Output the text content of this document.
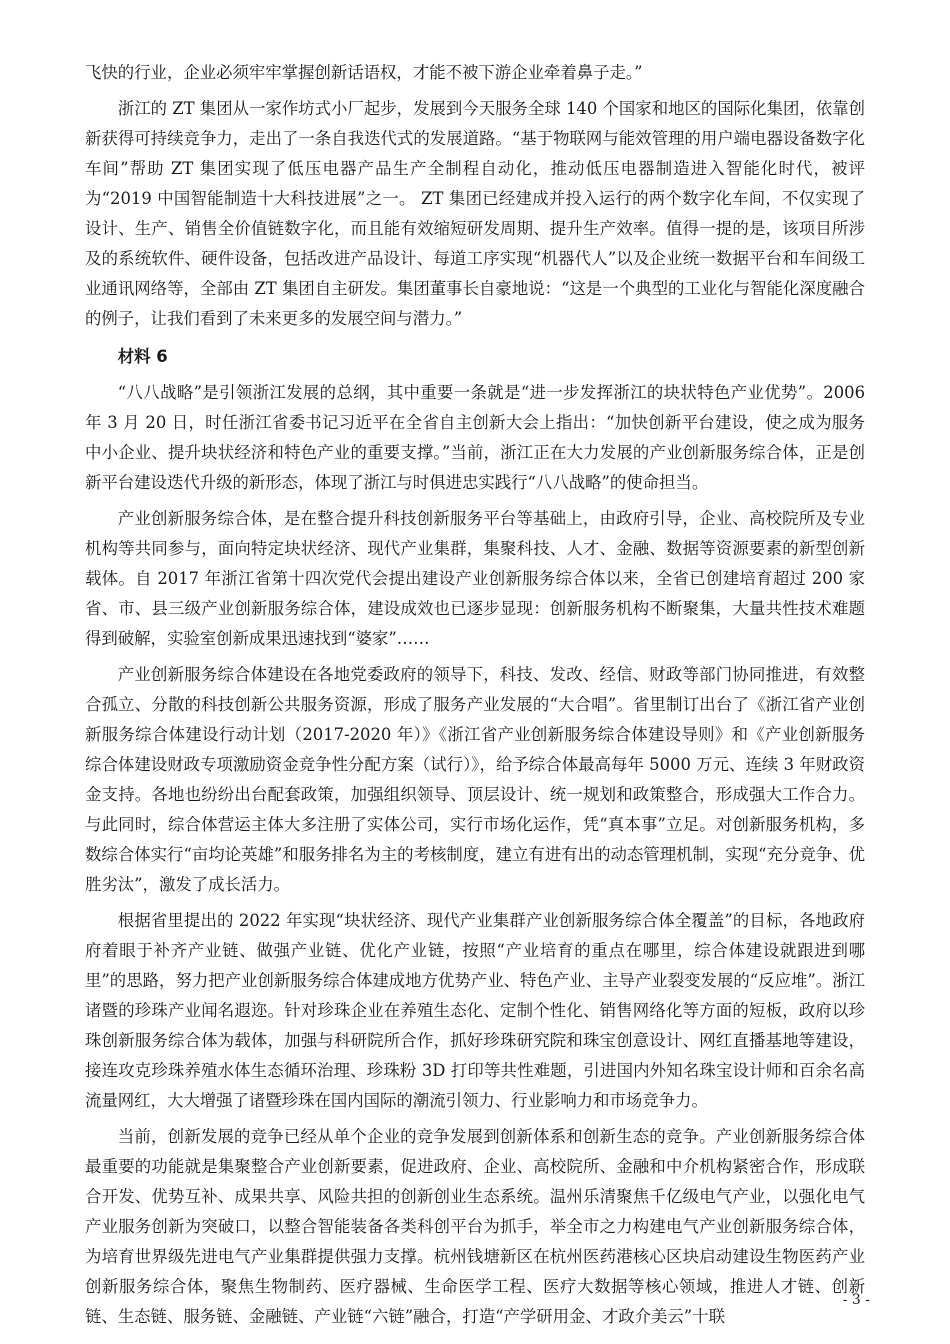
飞快的行业，企业必须牢牢掌握创新话语权，才能不被下游企业牵着鼻子走。”

浙江的 ZT 集团从一家作坊式小厂起步，发展到今天服务全球 140 个国家和地区的国际化集团，依靠创新获得可持续竞争力，走出了一条自我迭代式的发展道路。“基于物联网与能效管理的用户端电器设备数字化车间”帮助 ZT 集团实现了低压电器产品生产全制程自动化，推动低压电器制造进入智能化时代，被评为“2019 中国智能制造十大科技进展”之一。 ZT 集团已经建成并投入运行的两个数字化车间，不仅实现了设计、生产、销售全价值链数字化，而且能有效缩短研发周期、提升生产效率。值得一提的是，该项目所涉及的系统软件、硬件设备，包括改进产品设计、每道工序实现“机器代人”以及企业统一数据平台和车间级工业通讯网络等，全部由 ZT 集团自主研发。集团董事长自豪地说：“这是一个典型的工业化与智能化深度融合的例子，让我们看到了未来更多的发展空间与潜力。”

材料 6

“八八战略”是引领浙江发展的总纲，其中重要一条就是“进一步发挥浙江的块状特色产业优势”。2006 年 3 月 20 日，时任浙江省委书记习近平在全省自主创新大会上指出：“加快创新平台建设，使之成为服务中小企业、提升块状经济和特色产业的重要支撑。”当前，浙江正在大力发展的产业创新服务综合体，正是创新平台建设迭代升级的新形态，体现了浙江与时俱进忠实践行“八八战略”的使命担当。

产业创新服务综合体，是在整合提升科技创新服务平台等基础上，由政府引导，企业、高校院所及专业机构等共同参与，面向特定块状经济、现代产业集群，集聚科技、人才、金融、数据等资源要素的新型创新载体。自 2017 年浙江省第十四次党代会提出建设产业创新服务综合体以来，全省已创建培育超过 200 家省、市、县三级产业创新服务综合体，建设成效也已逐步显现：创新服务机构不断聚集，大量共性技术难题得到破解，实验室创新成果迅速找到“婆家”……

产业创新服务综合体建设在各地党委政府的领导下，科技、发改、经信、财政等部门协同推进，有效整合孤立、分散的科技创新公共服务资源，形成了服务产业发展的“大合唱”。省里制订出台了《浙江省产业创新服务综合体建设行动计划（2017-2020 年）》《浙江省产业创新服务综合体建设导则》和《产业创新服务综合体建设财政专项激励资金竞争性分配方案（试行）》，给予综合体最高每年 5000 万元、连续 3 年财政资金支持。各地也纷纷出台配套政策，加强组织领导、顶层设计、统一规划和政策整合，形成强大工作合力。与此同时，综合体营运主体大多注册了实体公司，实行市场化运作，凭“真本事”立足。对创新服务机构，多数综合体实行“亩均论英雄”和服务排名为主的考核制度，建立有进有出的动态管理机制，实现“充分竞争、优胜劣汰”，激发了成长活力。

根据省里提出的 2022 年实现“块状经济、现代产业集群产业创新服务综合体全覆盖”的目标，各地政府府着眼于补齐产业链、做强产业链、优化产业链，按照“产业培育的重点在哪里，综合体建设就跟进到哪里”的思路，努力把产业创新服务综合体建成地方优势产业、特色产业、主导产业裂变发展的“反应堆”。浙江诸暨的珍珠产业闻名遐迩。针对珍珠企业在养殖生态化、定制个性化、销售网络化等方面的短板，政府以珍珠创新服务综合体为载体，加强与科研院所合作，抓好珍珠研究院和珠宝创意设计、网红直播基地等建设，接连攻克珍珠养殖水体生态循环治理、珍珠粉 3D 打印等共性难题，引进国内外知名珠宝设计师和百余名高流量网红，大大增强了诸暨珍珠在国内国际的潮流引领力、行业影响力和市场竞争力。

当前，创新发展的竞争已经从单个企业的竞争发展到创新体系和创新生态的竞争。产业创新服务综合体最重要的功能就是集聚整合产业创新要素，促进政府、企业、高校院所、金融和中介机构紧密合作，形成联合开发、优势互补、成果共享、风险共担的创新创业生态系统。温州乐清聚焦千亿级电气产业，以强化电气产业服务创新为突破口，以整合智能装备各类科创平台为抓手，举全市之力构建电气产业创新服务综合体，为培育世界级先进电气产业集群提供强力支撑。杭州钱塘新区在杭州医药港核心区块启动建设生物医药产业创新服务综合体，聚焦生物制药、医疗器械、生命医学工程、医疗大数据等核心领域，推进人才链、创新链、生态链、服务链、金融链、产业链“六链”融合，打造“产学研用金、才政介美云”十联

- 3 -
